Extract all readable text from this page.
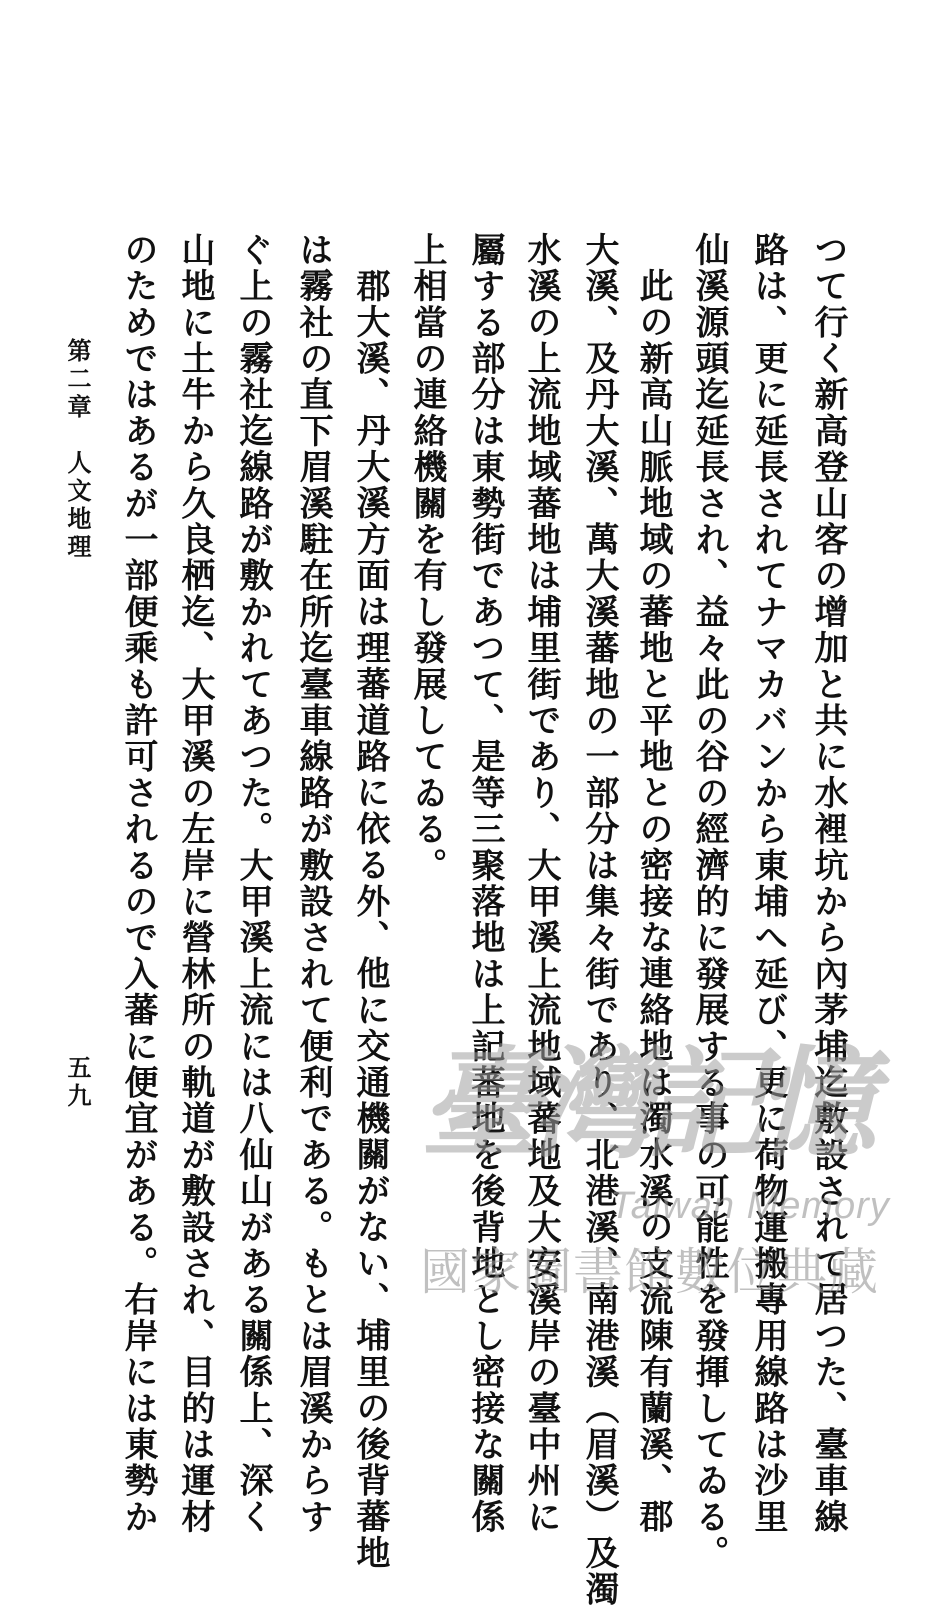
つて行く新高登山客の增加と共に水裡坑から內茅埔迄敷設されて居つた、臺車線
路は、更に延長されてナマカバンから東埔へ延び、更に荷物運搬專用線路は沙里
仙溪源頭迄延長され、益々此の谷の經濟的に發展する事の可能性を發揮してゐる。
此の新高山脈地域の蕃地と平地との密接な連絡地は濁水溪の支流陳有蘭溪、郡
大溪、及丹大溪、萬大溪蕃地の一部分は集々街であり、北港溪、南港溪（眉溪）及濁
水溪の上流地域蕃地は埔里街であり、大甲溪上流地域蕃地及大安溪岸の臺中州に
屬する部分は東勢街であつて、是等三聚落地は上記蕃地を後背地とし密接な關係
上相當の連絡機關を有し發展してゐる。
郡大溪、丹大溪方面は理蕃道路に依る外、他に交通機關がない、埔里の後背蕃地
は霧社の直下眉溪駐在所迄臺車線路が敷設されて便利である。もとは眉溪からす
ぐ上の霧社迄線路が敷かれてあつた。大甲溪上流には八仙山がある關係上、深く
山地に土牛から久良栖迄、大甲溪の左岸に營林所の軌道が敷設され、目的は運材
のためではあるが一部便乘も許可されるので入蕃に便宜がある。右岸には東勢か
第二章　人文地理
五九	臺灣記憶
Taiwan Memory
國家圖書館數位典藏
